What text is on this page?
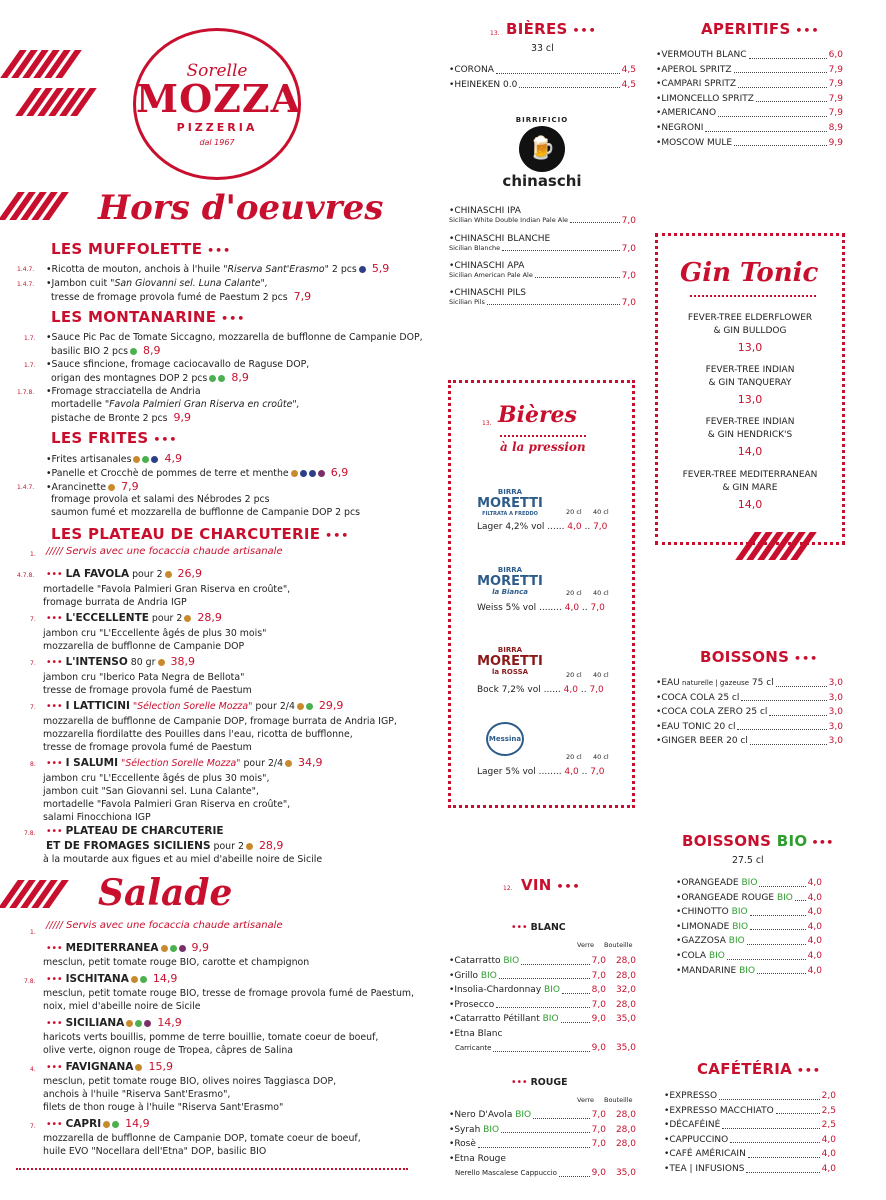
Sorelle
MOZZA
PIZZERIA
dal 1967
Hors d'oeuvres
LES MUFFOLETTE •••
1.4.7. •Ricotta de mouton, anchois à l'huile "Riserva Sant'Erasmo" 2 pcs 5,9
1.4.7. •Jambon cuit "San Giovanni sel. Luna Calante",
tresse de fromage provola fumé de Paestum 2 pcs 7,9
LES MONTANARINE •••
1.7. •Sauce Pic Pac de Tomate Siccagno, mozzarella de bufflonne de Campanie DOP,
basilic BIO 2 pcs 8,9
1.7. •Sauce sfincione, fromage caciocavallo de Raguse DOP,
origan des montagnes DOP 2 pcs 8,9
1.7.8. •Fromage stracciatella de Andria
mortadelle "Favola Palmieri Gran Riserva en croûte",
pistache de Bronte 2 pcs 9,9
LES FRITES •••
•Frites artisanales	4,9
•Panelle et Crocchè de pommes de terre et menthe	6,9
1.4.7. •Arancinette 7,9
fromage provola et salami des Nébrodes 2 pcs
saumon fumé et mozzarella de bufflonne de Campanie DOP 2 pcs
LES PLATEAU DE CHARCUTERIE •••
1. ///// Servis avec une focaccia chaude artisanale
4.7.8. ••• LA FAVOLA pour 2 26,9
mortadelle "Favola Palmieri Gran Riserva en croûte",
fromage burrata de Andria IGP
7. ••• L'ECCELLENTE pour 2 28,9
jambon cru "L'Eccellente âgés de plus 30 mois"
mozzarella de bufflonne de Campanie DOP
7. ••• L'INTENSO 80 gr 38,9
jambon cru "Iberico Pata Negra de Bellota"
tresse de fromage provola fumé de Paestum
7. ••• I LATTICINI "Sélection Sorelle Mozza" pour 2/4 29,9
mozzarella de bufflonne de Campanie DOP, fromage burrata de Andria IGP,
mozzarella fiordilatte des Pouilles dans l'eau, ricotta de bufflonne,
tresse de fromage provola fumé de Paestum
8. ••• I SALUMI "Sélection Sorelle Mozza" pour 2/4 34,9
jambon cru "L'Eccellente âgés de plus 30 mois",
jambon cuit "San Giovanni sel. Luna Calante",
mortadelle "Favola Palmieri Gran Riserva en croûte",
salami Finocchiona IGP
7.8. ••• PLATEAU DE CHARCUTERIE
ET DE FROMAGES SICILIENS pour 2 28,9
à la moutarde aux figues et au miel d'abeille noire de Sicile
Salade
1.
///// Servis avec une focaccia chaude artisanale
••• MEDITERRANEA	9,9
mesclun, petit tomate rouge BIO, carotte et champignon
7.8. ••• ISCHITANA 14,9
mesclun, petit tomate rouge BIO, tresse de fromage provola fumé de Paestum,
noix, miel d'abeille noire de Sicile
••• SICILIANA	14,9
haricots verts bouillis, pomme de terre bouillie, tomate coeur de boeuf,
olive verte, oignon rouge de Tropea, câpres de Salina
4. ••• FAVIGNANA 15,9
mesclun, petit tomate rouge BIO, olives noires Taggiasca DOP,
anchois à l'huile "Riserva Sant'Erasmo",
filets de thon rouge à l'huile "Riserva Sant'Erasmo"
7. ••• CAPRI 14,9
mozzarella de bufflonne de Campanie DOP, tomate coeur de boeuf,
huile EVO "Nocellara dell'Etna" DOP, basilic BIO
13. BIÈRES •••
33 cl
•CORONA	4,5
•HEINEKEN 0.0	4,5
BIRRIFICIO
🍺
chinaschi
•CHINASCHI IPA
Sicilian White Double Indian Pale Ale	7,0
•CHINASCHI BLANCHE
Sicilian Blanche	7,0
•CHINASCHI APA
Sicilian American Pale Ale	7,0
•CHINASCHI PILS
Sicilian Pils	7,0
13. Bières
à la pression
BIRRA
MORETTI
FILTRATA A FREDDO	20 cl 40 cl
Lager 4,2% vol ...... 4,0 .. 7,0
BIRRA
MORETTI
la Bianca	20 cl 40 cl
Weiss 5% vol ........ 4,0 .. 7,0
BIRRA
MORETTI
la ROSSA	20 cl 40 cl
Bock 7,2% vol ...... 4,0 .. 7,0
Messina
20 cl 40 cl
Lager 5% vol ........ 4,0 .. 7,0
12. VIN •••
••• BLANC
Verre Bouteille
•Catarratto BIO	7,0 28,0
•Grillo BIO	7,0 28,0
•Insolia-Chardonnay BIO	8,0 32,0
•Prosecco	7,0 28,0
•Catarratto Pétillant BIO	9,0 35,0
•Etna Blanc
Carricante	9,0 35,0
••• ROUGE
Verre Bouteille
•Nero D'Avola BIO	7,0 28,0
•Syrah BIO	7,0 28,0
•Rosè	7,0 28,0
•Etna Rouge
Nerello Mascalese Cappuccio	9,0 35,0
APERITIFS •••
•VERMOUTH BLANC	6,0
•APEROL SPRITZ	7,9
•CAMPARI SPRITZ	7,9
•LIMONCELLO SPRITZ	7,9
•AMERICANO	7,9
•NEGRONI	8,9
•MOSCOW MULE	9,9
Gin Tonic
FEVER-TREE ELDERFLOWER
& GIN BULLDOG
13,0
FEVER-TREE INDIAN
& GIN TANQUERAY
13,0
FEVER-TREE INDIAN
& GIN HENDRICK'S
14,0
FEVER-TREE MEDITERRANEAN
& GIN MARE
14,0
BOISSONS •••
•EAU naturelle | gazeuse 75 cl	3,0
•COCA COLA 25 cl	3,0
•COCA COLA ZERO 25 cl	3,0
•EAU TONIC 20 cl	3,0
•GINGER BEER 20 cl	3,0
BOISSONS BIO •••
27.5 cl
•ORANGEADE BIO	4,0
•ORANGEADE ROUGE BIO 4,0
•CHINOTTO BIO	4,0
•LIMONADE BIO	4,0
•GAZZOSA BIO	4,0
•COLA BIO	4,0
•MANDARINE BIO	4,0
CAFÉTÉRIA •••
•EXPRESSO	2,0
•EXPRESSO MACCHIATO	2,5
•DÉCAFÉINÉ	2,5
•CAPPUCCINO	4,0
•CAFÉ AMÉRICAIN	4,0
•TEA | INFUSIONS	4,0
